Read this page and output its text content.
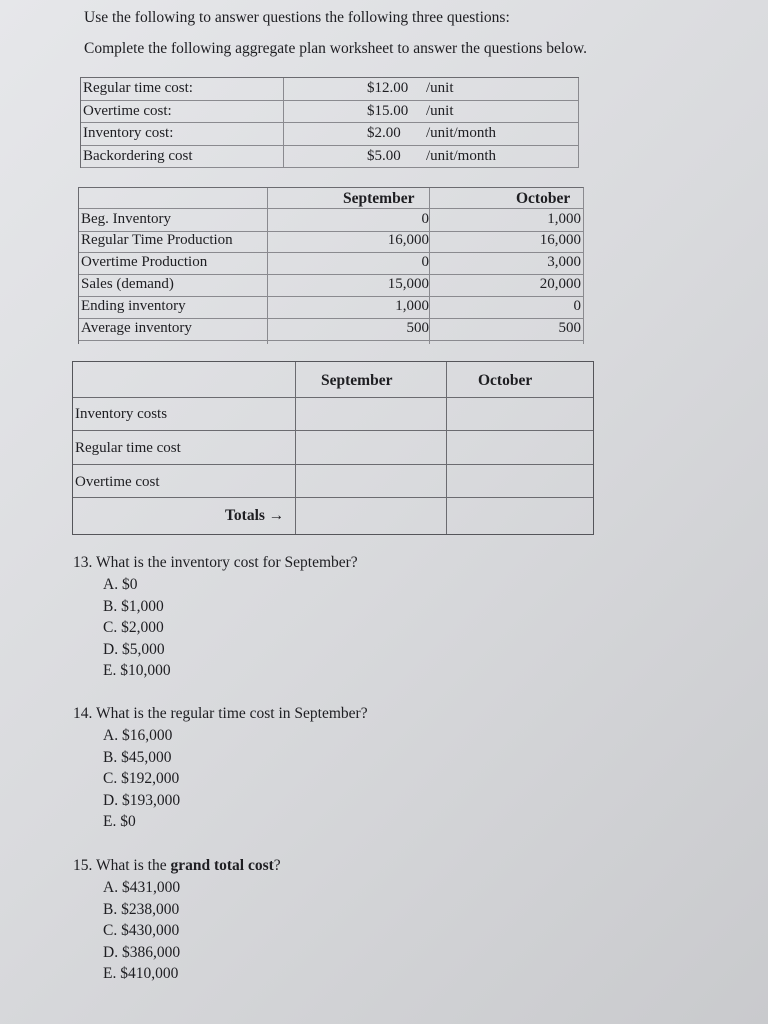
Use the following to answer questions the following three questions:
Complete the following aggregate plan worksheet to answer the questions below.
Regular time cost:	$12.00 /unit
Overtime cost:	$15.00 /unit
Inventory cost:	$2.00 /unit/month
Backordering cost	$5.00 /unit/month
September	October
Beg. Inventory	0	1,000
Regular Time Production	16,000	16,000
Overtime Production	0	3,000
Sales (demand)	15,000	20,000
Ending inventory	1,000	0
Average inventory	500	500
September	October
Inventory costs
Regular time cost
Overtime cost
Totals →
13. What is the inventory cost for September?
A. $0
B. $1,000
C. $2,000
D. $5,000
E. $10,000
14. What is the regular time cost in September?
A. $16,000
B. $45,000
C. $192,000
D. $193,000
E. $0
15. What is the grand total cost?
A. $431,000
B. $238,000
C. $430,000
D. $386,000
E. $410,000
